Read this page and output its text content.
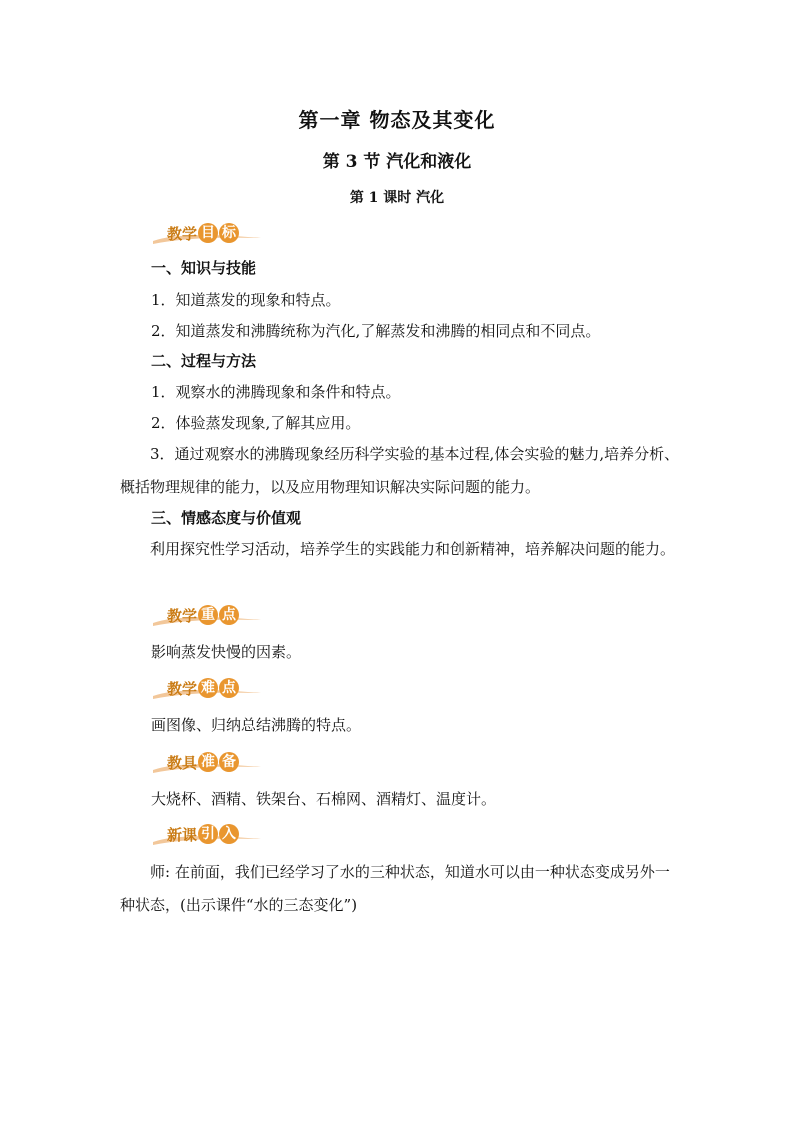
第一章 物态及其变化
第 3 节 汽化和液化
第 1 课时 汽化
教 学 目 标
一、知识与技能
1．知道蒸发的现象和特点。
2．知道蒸发和沸腾统称为汽化,了解蒸发和沸腾的相同点和不同点。
二、过程与方法
1．观察水的沸腾现象和条件和特点。
2．体验蒸发现象,了解其应用。
3．通过观察水的沸腾现象经历科学实验的基本过程,体会实验的魅力,培养分析、概括物理规律的能力，以及应用物理知识解决实际问题的能力。
三、情感态度与价值观
利用探究性学习活动，培养学生的实践能力和创新精神，培养解决问题的能力。
教 学 重 点
影响蒸发快慢的因素。
教 学 难 点
画图像、归纳总结沸腾的特点。
教 具 准 备
大烧杯、酒精、铁架台、石棉网、酒精灯、温度计。
新 课 引 入
师: 在前面，我们已经学习了水的三种状态，知道水可以由一种状态变成另外一种状态，(出示课件“水的三态变化”)
